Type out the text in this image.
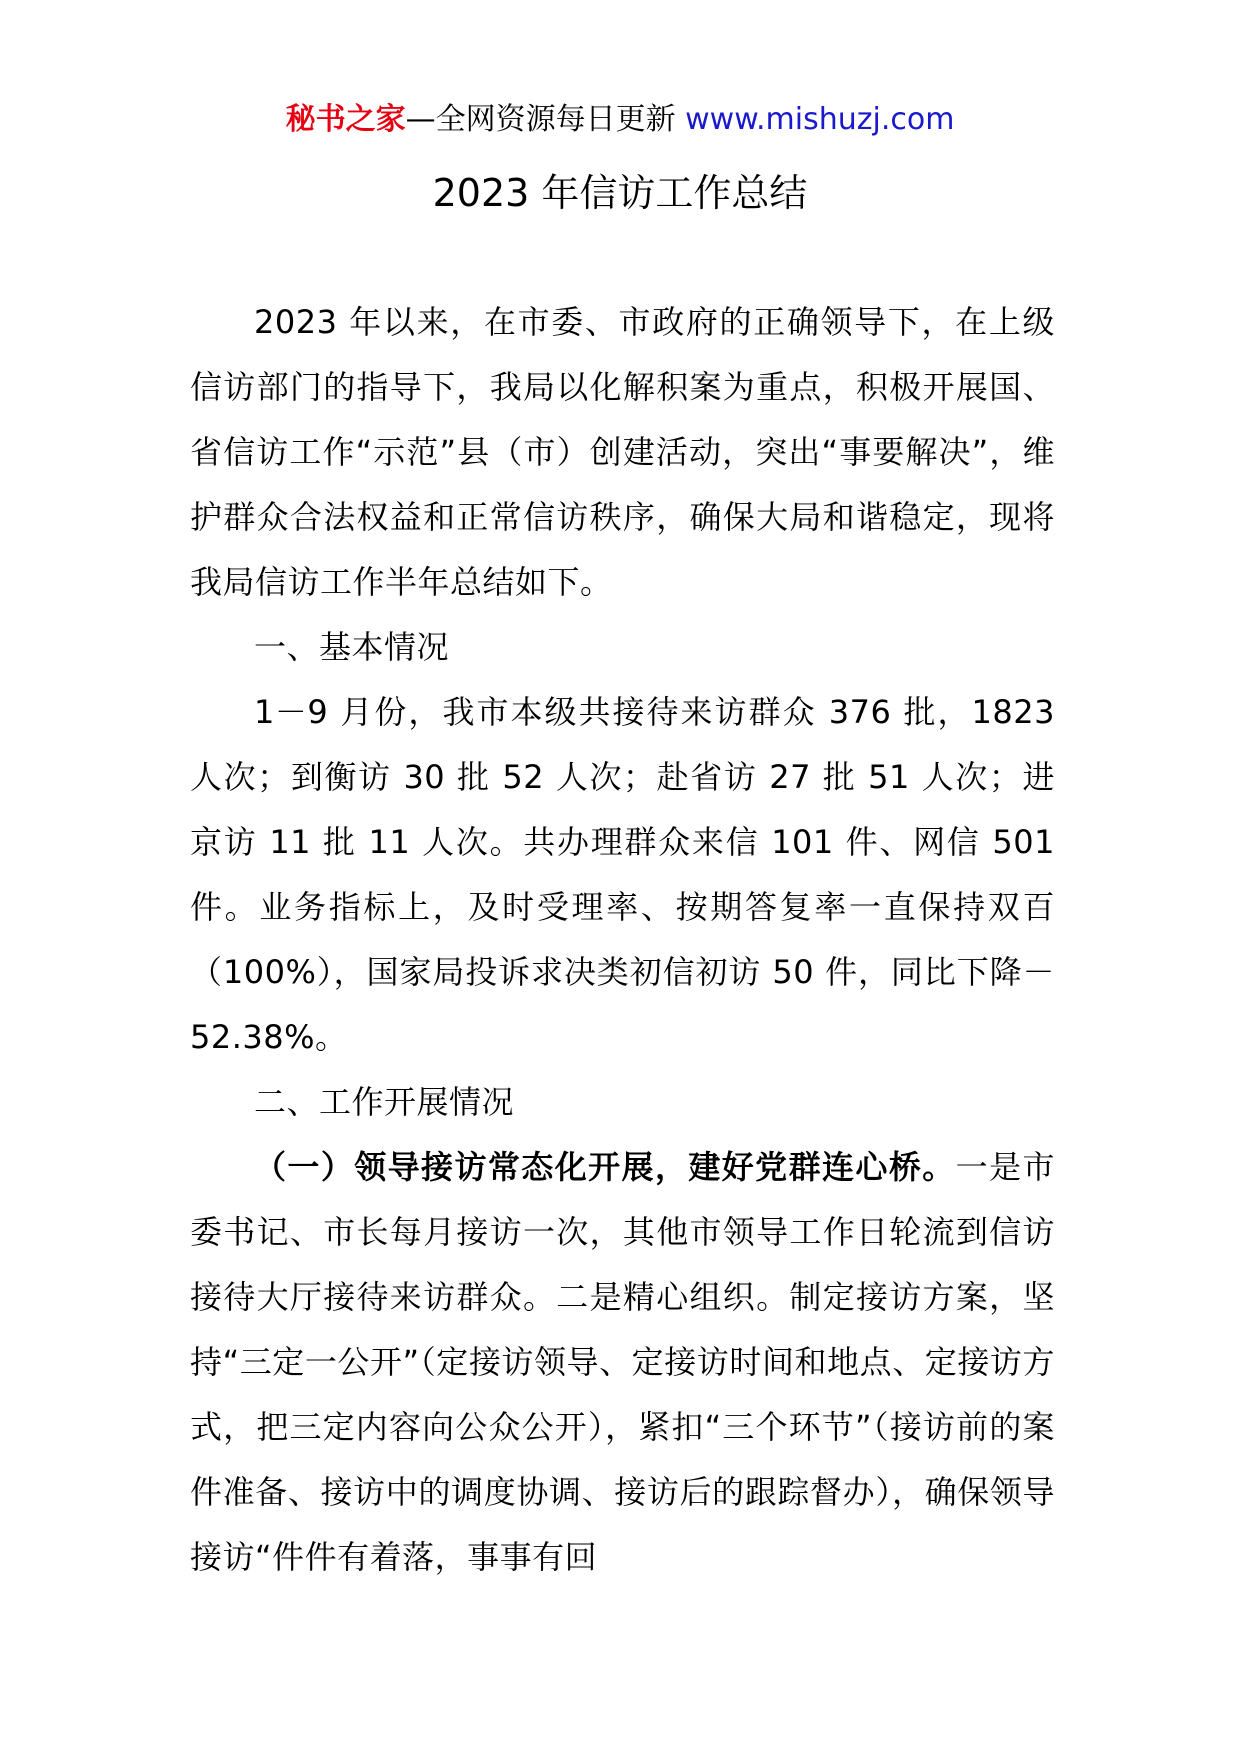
秘书之家—全网资源每日更新 www.mishuzj.com
2023 年信访工作总结

2023 年以来，在市委、市政府的正确领导下，在上级信访部门的指导下，我局以化解积案为重点，积极开展国、省信访工作“示范”县（市）创建活动，突出“事要解决”，维护群众合法权益和正常信访秩序，确保大局和谐稳定，现将我局信访工作半年总结如下。

一、基本情况

1－9 月份，我市本级共接待来访群众 376 批，1823 人次；到衡访 30 批 52 人次；赴省访 27 批 51 人次；进京访 11 批 11 人次。共办理群众来信 101 件、网信 501 件。业务指标上，及时受理率、按期答复率一直保持双百（100%），国家局投诉求决类初信初访 50 件，同比下降－52.38%。

二、工作开展情况

（一）领导接访常态化开展，建好党群连心桥。一是市委书记、市长每月接访一次，其他市领导工作日轮流到信访接待大厅接待来访群众。二是精心组织。制定接访方案，坚持“三定一公开”（定接访领导、定接访时间和地点、定接访方式，把三定内容向公众公开），紧扣“三个环节”（接访前的案件准备、接访中的调度协调、接访后的跟踪督办），确保领导接访“件件有着落，事事有回
